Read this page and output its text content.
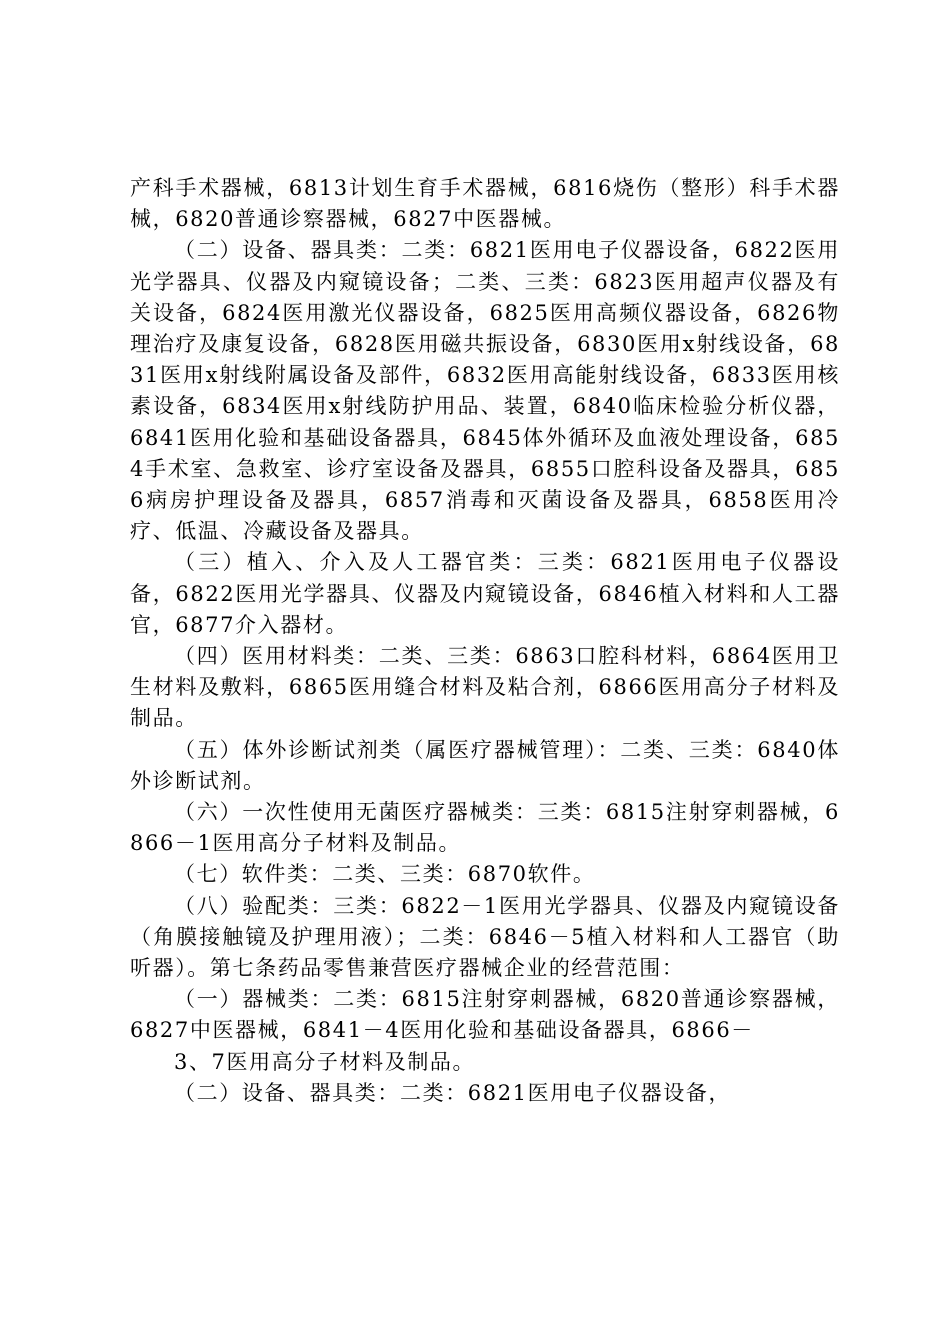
产科手术器械，6813计划生育手术器械，6816烧伤（整形）科手术器械，6820普通诊察器械，6827中医器械。

（二）设备、器具类：二类：6821医用电子仪器设备，6822医用光学器具、仪器及内窥镜设备；二类、三类：6823医用超声仪器及有关设备，6824医用激光仪器设备，6825医用高频仪器设备，6826物理治疗及康复设备，6828医用磁共振设备，6830医用x射线设备，6831医用x射线附属设备及部件，6832医用高能射线设备，6833医用核素设备，6834医用x射线防护用品、装置，6840临床检验分析仪器，6841医用化验和基础设备器具，6845体外循环及血液处理设备，6854手术室、急救室、诊疗室设备及器具，6855口腔科设备及器具，6856病房护理设备及器具，6857消毒和灭菌设备及器具，6858医用冷疗、低温、冷藏设备及器具。

（三）植入、介入及人工器官类：三类：6821医用电子仪器设备，6822医用光学器具、仪器及内窥镜设备，6846植入材料和人工器官，6877介入器材。

（四）医用材料类：二类、三类：6863口腔科材料，6864医用卫生材料及敷料，6865医用缝合材料及粘合剂，6866医用高分子材料及制品。

（五）体外诊断试剂类（属医疗器械管理）：二类、三类：6840体外诊断试剂。

（六）一次性使用无菌医疗器械类：三类：6815注射穿刺器械，6866－1医用高分子材料及制品。

（七）软件类：二类、三类：6870软件。

（八）验配类：三类：6822－1医用光学器具、仪器及内窥镜设备（角膜接触镜及护理用液）；二类：6846－5植入材料和人工器官（助听器）。第七条药品零售兼营医疗器械企业的经营范围：

（一）器械类：二类：6815注射穿刺器械，6820普通诊察器械，6827中医器械，6841－4医用化验和基础设备器具，6866－

3、7医用高分子材料及制品。

（二）设备、器具类：二类：6821医用电子仪器设备，
